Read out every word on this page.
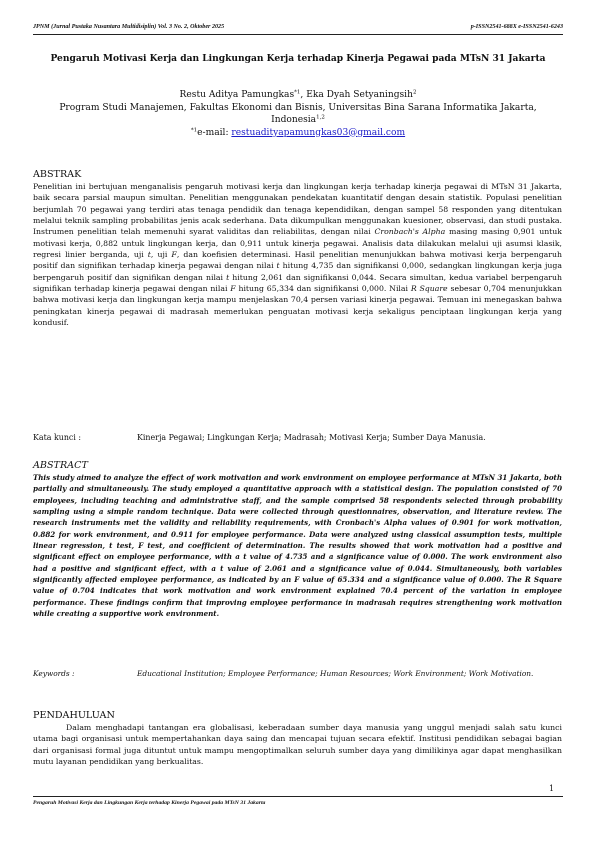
JPNM (Jurnal Pustaka Nusantara Multidisiplin) Vol. 3 No. 2, Oktober 2025	p-ISSN2541-688X e-ISSN2541-6243
Pengaruh Motivasi Kerja dan Lingkungan Kerja terhadap Kinerja Pegawai pada MTsN 31 Jakarta
Restu Aditya Pamungkas$^{*1}$, Eka Dyah Setyaningsih$^2$
Program Studi Manajemen, Fakultas Ekonomi dan Bisnis, Universitas Bina Sarana Informatika Jakarta,
Indonesia$^{1,2}$
$^{*1}$e-mail: restuadityapamungkas03@gmail.com
ABSTRAK
Penelitian ini bertujuan menganalisis pengaruh motivasi kerja dan lingkungan kerja terhadap kinerja pegawai di MTsN 31 Jakarta, baik secara parsial maupun simultan. Penelitian menggunakan pendekatan kuantitatif dengan desain statistik. Populasi penelitian berjumlah 70 pegawai yang terdiri atas tenaga pendidik dan tenaga kependidikan, dengan sampel 58 responden yang ditentukan melalui teknik sampling probabilitas jenis acak sederhana. Data dikumpulkan menggunakan kuesioner, observasi, dan studi pustaka. Instrumen penelitian telah memenuhi syarat validitas dan reliabilitas, dengan nilai Cronbach's Alpha masing masing 0,901 untuk motivasi kerja, 0,882 untuk lingkungan kerja, dan 0,911 untuk kinerja pegawai. Analisis data dilakukan melalui uji asumsi klasik, regresi linier berganda, uji t, uji F, dan koefisien determinasi. Hasil penelitian menunjukkan bahwa motivasi kerja berpengaruh positif dan signifikan terhadap kinerja pegawai dengan nilai t hitung 4,735 dan signifikansi 0,000, sedangkan lingkungan kerja juga berpengaruh positif dan signifikan dengan nilai t hitung 2,061 dan signifikansi 0,044. Secara simultan, kedua variabel berpengaruh signifikan terhadap kinerja pegawai dengan nilai F hitung 65,334 dan signifikansi 0,000. Nilai R Square sebesar 0,704 menunjukkan bahwa motivasi kerja dan lingkungan kerja mampu menjelaskan 70,4 persen variasi kinerja pegawai. Temuan ini menegaskan bahwa peningkatan kinerja pegawai di madrasah memerlukan penguatan motivasi kerja sekaligus penciptaan lingkungan kerja yang kondusif.
Kata kunci :	Kinerja Pegawai; Lingkungan Kerja; Madrasah; Motivasi Kerja; Sumber Daya Manusia.
ABSTRACT
This study aimed to analyze the effect of work motivation and work environment on employee performance at MTsN 31 Jakarta, both partially and simultaneously. The study employed a quantitative approach with a statistical design. The population consisted of 70 employees, including teaching and administrative staff, and the sample comprised 58 respondents selected through probability sampling using a simple random technique. Data were collected through questionnaires, observation, and literature review. The research instruments met the validity and reliability requirements, with Cronbach's Alpha values of 0.901 for work motivation, 0.882 for work environment, and 0.911 for employee performance. Data were analyzed using classical assumption tests, multiple linear regression, t test, F test, and coefficient of determination. The results showed that work motivation had a positive and significant effect on employee performance, with a t value of 4.735 and a significance value of 0.000. The work environment also had a positive and significant effect, with a t value of 2.061 and a significance value of 0.044. Simultaneously, both variables significantly affected employee performance, as indicated by an F value of 65.334 and a significance value of 0.000. The R Square value of 0.704 indicates that work motivation and work environment explained 70.4 percent of the variation in employee performance. These findings confirm that improving employee performance in madrasah requires strengthening work motivation while creating a supportive work environment.
Keywords :	Educational Institution; Employee Performance; Human Resources; Work Environment; Work Motivation.
PENDAHULUAN
Dalam menghadapi tantangan era globalisasi, keberadaan sumber daya manusia yang unggul menjadi salah satu kunci utama bagi organisasi untuk mempertahankan daya saing dan mencapai tujuan secara efektif. Institusi pendidikan sebagai bagian dari organisasi formal juga dituntut untuk mampu mengoptimalkan seluruh sumber daya yang dimilikinya agar dapat menghasilkan mutu layanan pendidikan yang berkualitas.
1
Pengaruh Motivasi Kerja dan Lingkungan Kerja terhadap Kinerja Pegawai pada MTsN 31 Jakarta
